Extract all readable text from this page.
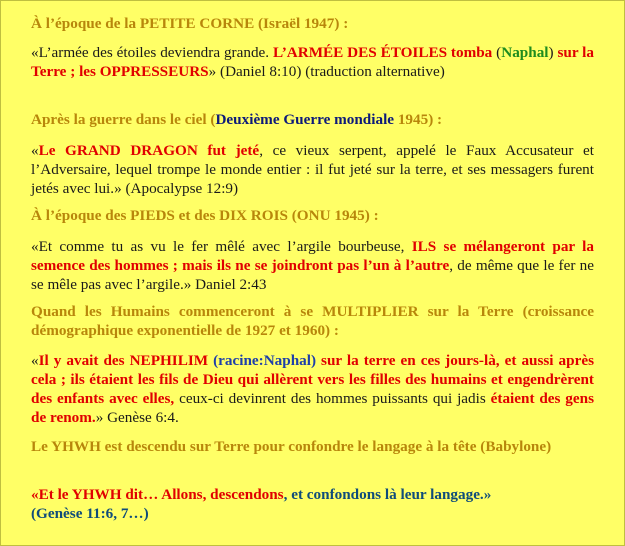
À l’époque de la PETITE CORNE (Israël 1947) :

«L’armée des étoiles deviendra grande. L’ARMÉE DES ÉTOILES tomba (Naphal) sur la Terre ; les OPPRESSEURS» (Daniel 8:10) (traduction alternative)

Après la guerre dans le ciel (Deuxième Guerre mondiale 1945) :

«Le GRAND DRAGON fut jeté, ce vieux serpent, appelé le Faux Accusateur et l’Adversaire, lequel trompe le monde entier : il fut jeté sur la terre, et ses messagers furent jetés avec lui.» (Apocalypse 12:9)

À l’époque des PIEDS et des DIX ROIS (ONU 1945) :

«Et comme tu as vu le fer mêlé avec l’argile bourbeuse, ILS se mélangeront par la semence des hommes ; mais ils ne se joindront pas l’un à l’autre, de même que le fer ne se mêle pas avec l’argile.» Daniel 2:43

Quand les Humains commenceront à se MULTIPLIER sur la Terre (croissance démographique exponentielle de 1927 et 1960) :

«Il y avait des NEPHILIM (racine:Naphal) sur la terre en ces jours-là, et aussi après cela ; ils étaient les fils de Dieu qui allèrent vers les filles des humains et engendrèrent des enfants avec elles, ceux-ci devinrent des hommes puissants qui jadis étaient des gens de renom.» Genèse 6:4.

Le YHWH est descendu sur Terre pour confondre le langage à la tête (Babylone)

«Et le YHWH dit… Allons, descendons, et confondons là leur langage.»
(Genèse 11:6, 7…)
